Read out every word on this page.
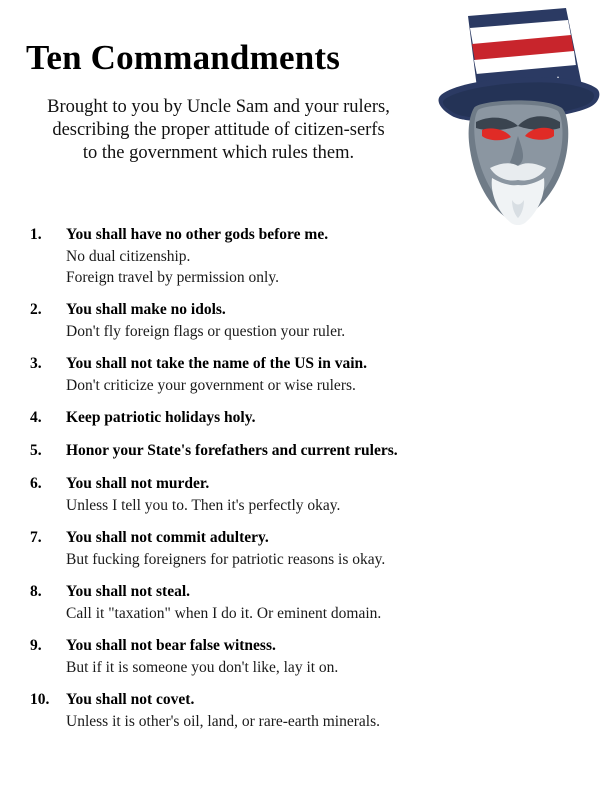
Ten Commandments
Brought to you by Uncle Sam and your rulers, describing the proper attitude of citizen-serfs to the government which rules them.
1.	You shall have no other gods before me.
No dual citizenship.
Foreign travel by permission only.
2.	You shall make no idols.
Don't fly foreign flags or question your ruler.
3.	You shall not take the name of the US in vain.
Don't criticize your government or wise rulers.
4.	Keep patriotic holidays holy.
5.	Honor your State's forefathers and current rulers.
6.	You shall not murder.
Unless I tell you to. Then it's perfectly okay.
7.	You shall not commit adultery.
But fucking foreigners for patriotic reasons is okay.
8.	You shall not steal.
Call it "taxation" when I do it. Or eminent domain.
9.	You shall not bear false witness.
But if it is someone you don't like, lay it on.
10.	You shall not covet.
Unless it is other's oil, land, or rare-earth minerals.
